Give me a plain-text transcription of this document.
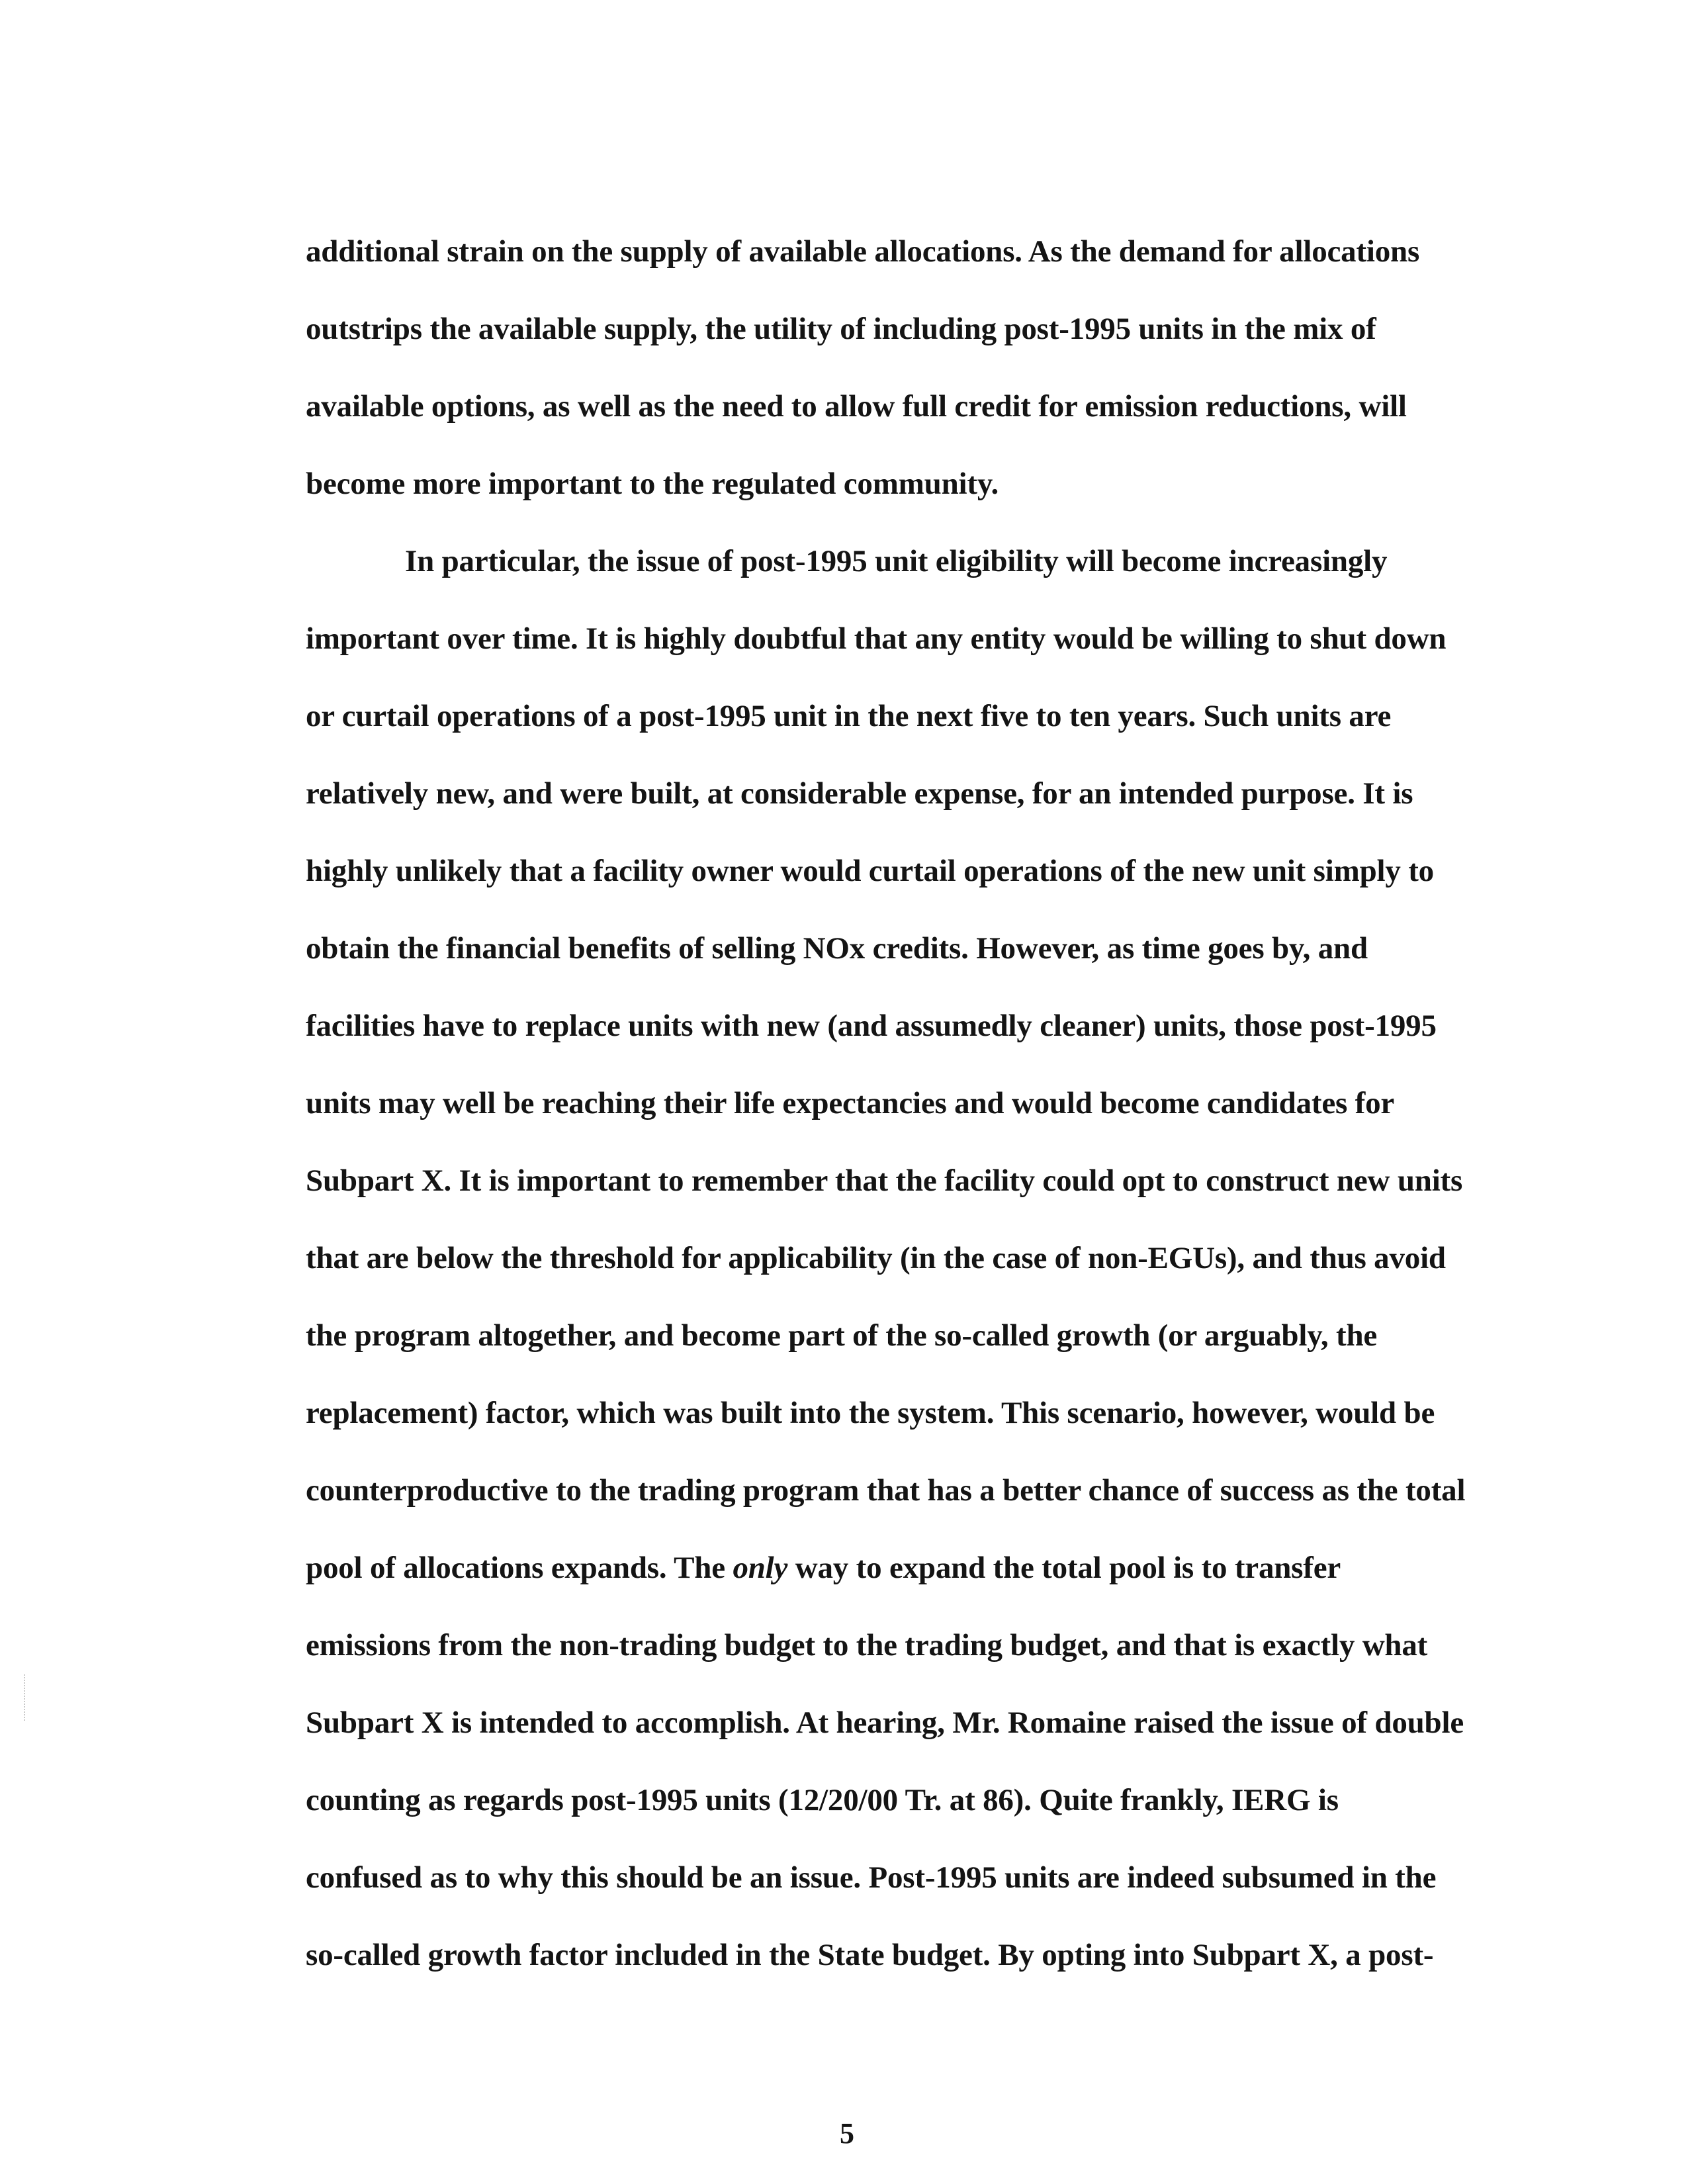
additional strain on the supply of available allocations. As the demand for allocations
outstrips the available supply, the utility of including post-1995 units in the mix of
available options, as well as the need to allow full credit for emission reductions, will
become more important to the regulated community.
In particular, the issue of post-1995 unit eligibility will become increasingly
important over time. It is highly doubtful that any entity would be willing to shut down
or curtail operations of a post-1995 unit in the next five to ten years. Such units are
relatively new, and were built, at considerable expense, for an intended purpose. It is
highly unlikely that a facility owner would curtail operations of the new unit simply to
obtain the financial benefits of selling NOx credits. However, as time goes by, and
facilities have to replace units with new (and assumedly cleaner) units, those post-1995
units may well be reaching their life expectancies and would become candidates for
Subpart X. It is important to remember that the facility could opt to construct new units
that are below the threshold for applicability (in the case of non-EGUs), and thus avoid
the program altogether, and become part of the so-called growth (or arguably, the
replacement) factor, which was built into the system. This scenario, however, would be
counterproductive to the trading program that has a better chance of success as the total
pool of allocations expands. The only way to expand the total pool is to transfer
emissions from the non-trading budget to the trading budget, and that is exactly what
Subpart X is intended to accomplish. At hearing, Mr. Romaine raised the issue of double
counting as regards post-1995 units (12/20/00 Tr. at 86). Quite frankly, IERG is
confused as to why this should be an issue. Post-1995 units are indeed subsumed in the
so-called growth factor included in the State budget. By opting into Subpart X, a post-
5
